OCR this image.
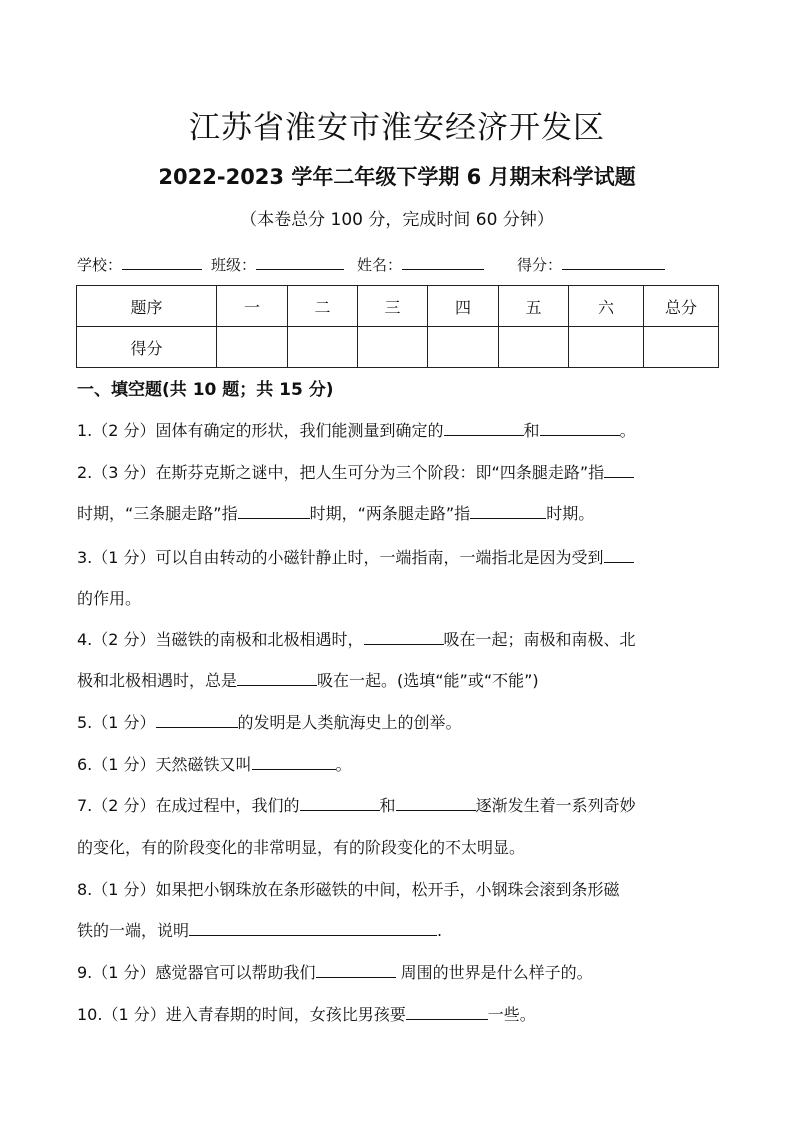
江苏省淮安市淮安经济开发区
2022-2023 学年二年级下学期 6 月期末科学试题
（本卷总分 100 分，完成时间 60 分钟）
学校：	班级：	姓名：	得分：
题序	一	二	三	四	五	六	总分
得分							
一、填空题(共 10 题；共 15 分)
1.（2 分）固体有确定的形状，我们能测量到确定的	和	。
2.（3 分）在斯芬克斯之谜中，把人生可分为三个阶段：即“四条腿走路”指
时期，“三条腿走路”指	时期，“两条腿走路”指	时期。
3.（1 分）可以自由转动的小磁针静止时，一端指南，一端指北是因为受到
的作用。
4.（2 分）当磁铁的南极和北极相遇时，	吸在一起；南极和南极、北
极和北极相遇时，总是	吸在一起。(选填“能”或“不能”)
5.（1 分）	的发明是人类航海史上的创举。
6.（1 分）天然磁铁又叫	。
7.（2 分）在成过程中，我们的	和	逐渐发生着一系列奇妙
的变化，有的阶段变化的非常明显，有的阶段变化的不太明显。
8.（1 分）如果把小钢珠放在条形磁铁的中间，松开手，小钢珠会滚到条形磁
铁的一端，说明	.
9.（1 分）感觉器官可以帮助我们	周围的世界是什么样子的。
10.（1 分）进入青春期的时间，女孩比男孩要	一些。
